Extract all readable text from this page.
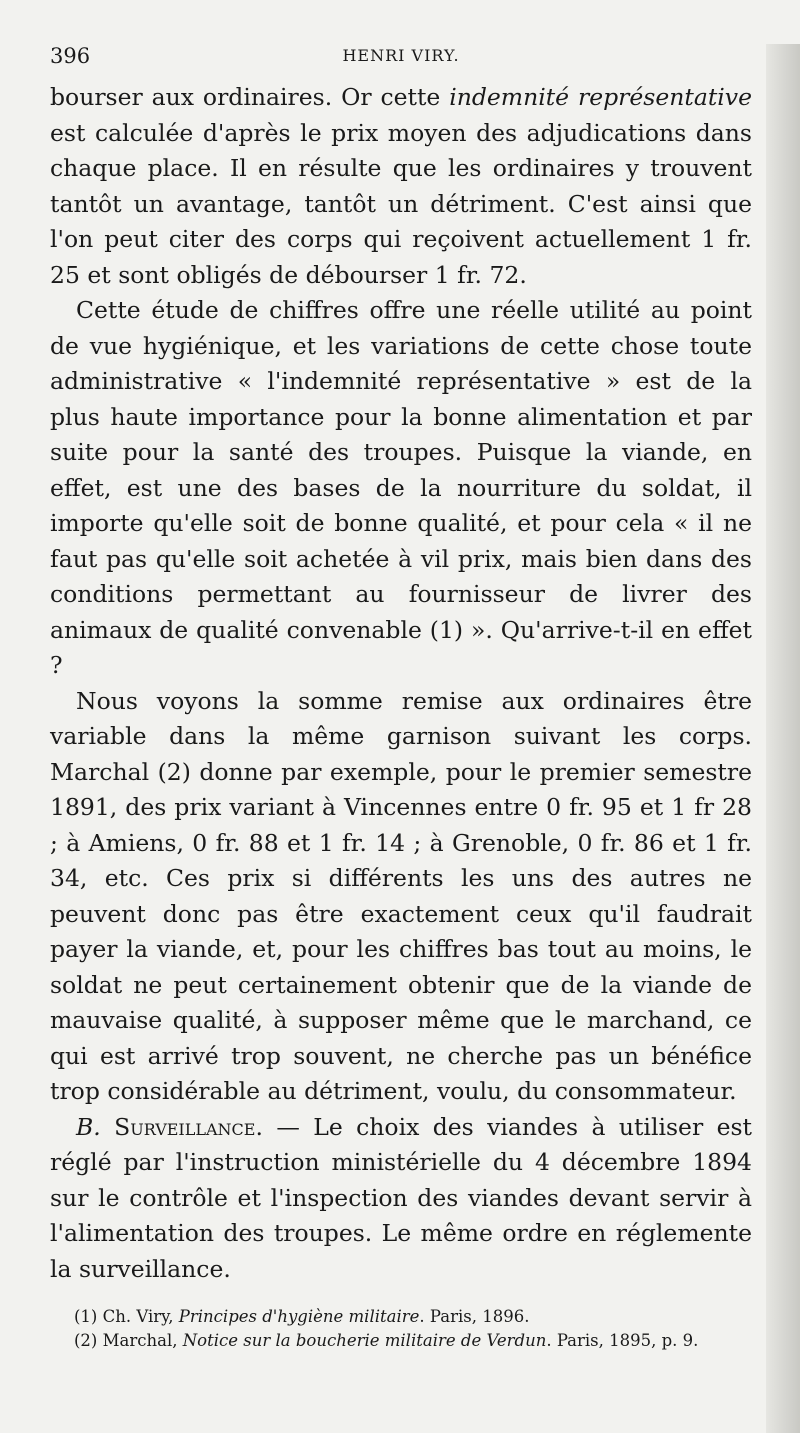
396	HENRI VIRY.

bourser aux ordinaires. Or cette indemnité représentative est calculée d'après le prix moyen des adjudications dans chaque place. Il en résulte que les ordinaires y trouvent tantôt un avantage, tantôt un détriment. C'est ainsi que l'on peut citer des corps qui reçoivent actuellement 1 fr. 25 et sont obligés de débourser 1 fr. 72.

Cette étude de chiffres offre une réelle utilité au point de vue hygiénique, et les variations de cette chose toute administrative « l'indemnité représentative » est de la plus haute importance pour la bonne alimentation et par suite pour la santé des troupes. Puisque la viande, en effet, est une des bases de la nourriture du soldat, il importe qu'elle soit de bonne qualité, et pour cela « il ne faut pas qu'elle soit achetée à vil prix, mais bien dans des conditions permettant au fournisseur de livrer des animaux de qualité convenable (1) ». Qu'arrive-t-il en effet ?

Nous voyons la somme remise aux ordinaires être variable dans la même garnison suivant les corps. Marchal (2) donne par exemple, pour le premier semestre 1891, des prix variant à Vincennes entre 0 fr. 95 et 1 fr 28 ; à Amiens, 0 fr. 88 et 1 fr. 14 ; à Grenoble, 0 fr. 86 et 1 fr. 34, etc. Ces prix si différents les uns des autres ne peuvent donc pas être exactement ceux qu'il faudrait payer la viande, et, pour les chiffres bas tout au moins, le soldat ne peut certainement obtenir que de la viande de mauvaise qualité, à supposer même que le marchand, ce qui est arrivé trop souvent, ne cherche pas un bénéfice trop considérable au détriment, voulu, du consommateur.

B. Surveillance. — Le choix des viandes à utiliser est réglé par l'instruction ministérielle du 4 décembre 1894 sur le contrôle et l'inspection des viandes devant servir à l'alimentation des troupes. Le même ordre en réglemente la surveillance.

(1) Ch. Viry, Principes d'hygiène militaire. Paris, 1896.

(2) Marchal, Notice sur la boucherie militaire de Verdun. Paris, 1895, p. 9.
